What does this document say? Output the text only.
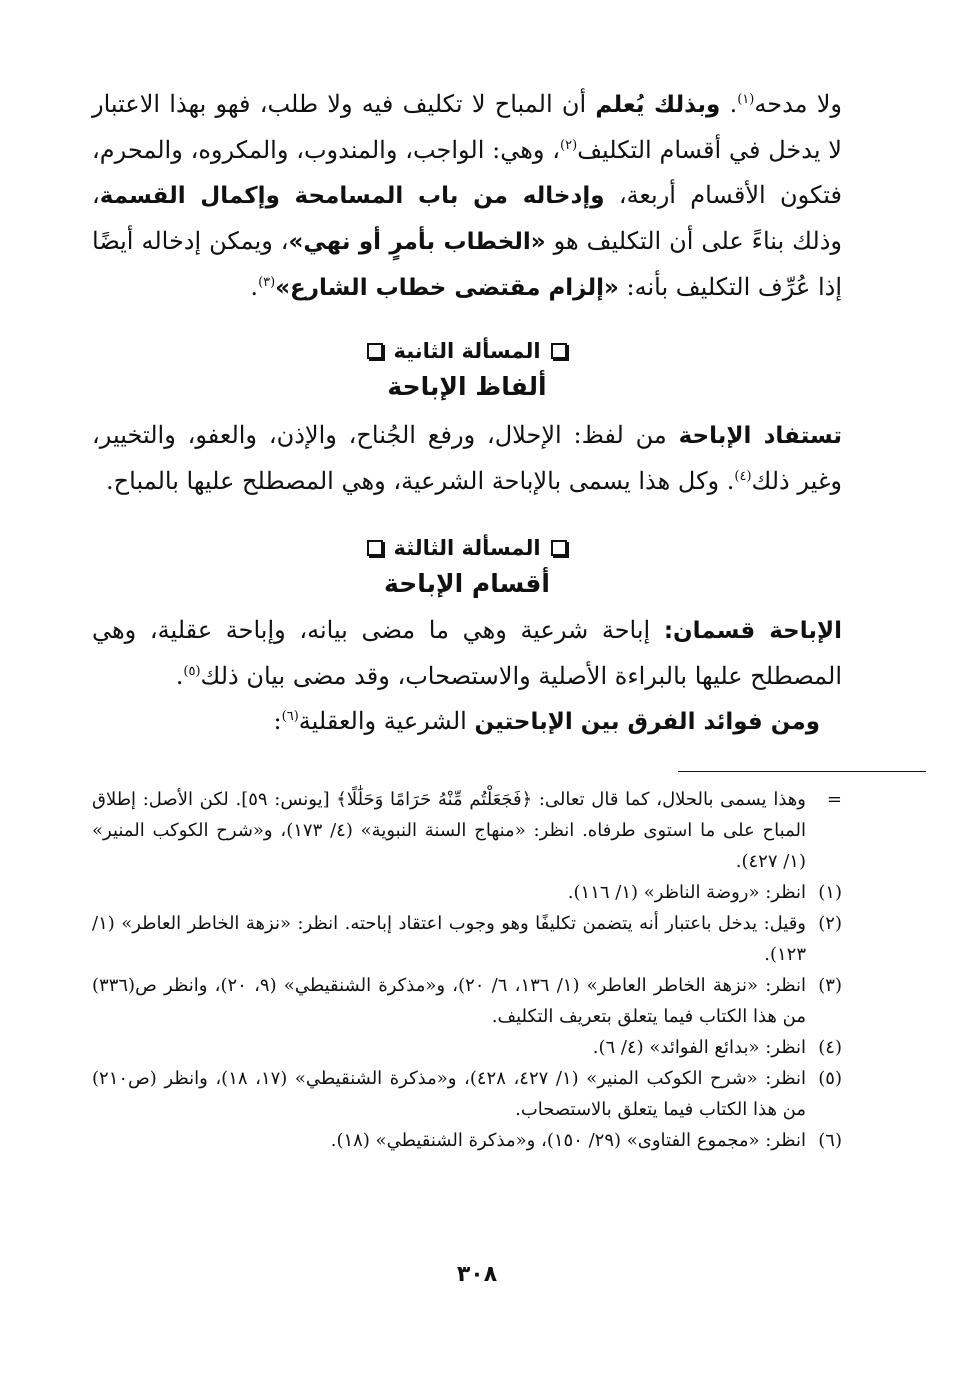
ولا مدحه$^{(١)}$. وبذلك يُعلم أن المباح لا تكليف فيه ولا طلب، فهو بهذا الاعتبار لا يدخل في أقسام التكليف$^{(٢)}$، وهي: الواجب، والمندوب، والمكروه، والمحرم، فتكون الأقسام أربعة، وإدخاله من باب المسامحة وإكمال القسمة، وذلك بناءً على أن التكليف هو «الخطاب بأمرٍ أو نهي»، ويمكن إدخاله أيضًا إذا عُرِّف التكليف بأنه: «إلزام مقتضى خطاب الشارع»$^{(٣)}$.

المسألة الثانية
ألفاظ الإباحة

تستفاد الإباحة من لفظ: الإحلال، ورفع الجُناح، والإذن، والعفو، والتخيير، وغير ذلك$^{(٤)}$. وكل هذا يسمى بالإباحة الشرعية، وهي المصطلح عليها بالمباح.

المسألة الثالثة
أقسام الإباحة

الإباحة قسمان: إباحة شرعية وهي ما مضى بيانه، وإباحة عقلية، وهي المصطلح عليها بالبراءة الأصلية والاستصحاب، وقد مضى بيان ذلك$^{(٥)}$.

ومن فوائد الفرق بين الإباحتين الشرعية والعقلية$^{(٦)}$:

=
وهذا يسمى بالحلال، كما قال تعالى: ﴿فَجَعَلْتُم مِّنْهُ حَرَامًا وَحَلَٰلًا﴾ [يونس: ٥٩]. لكن الأصل: إطلاق المباح على ما استوى طرفاه. انظر: «منهاج السنة النبوية» (٤/ ١٧٣)، و«شرح الكوكب المنير» (١/ ٤٢٧).
(١)
انظر: «روضة الناظر» (١/ ١١٦).
(٢)
وقيل: يدخل باعتبار أنه يتضمن تكليفًا وهو وجوب اعتقاد إباحته. انظر: «نزهة الخاطر العاطر» (١/ ١٢٣).
(٣)
انظر: «نزهة الخاطر العاطر» (١/ ١٣٦، ٦/ ٢٠)، و«مذكرة الشنقيطي» (٩، ٢٠)، وانظر ص(٣٣٦) من هذا الكتاب فيما يتعلق بتعريف التكليف.
(٤)
انظر: «بدائع الفوائد» (٤/ ٦).
(٥)
انظر: «شرح الكوكب المنير» (١/ ٤٢٧، ٤٢٨)، و«مذكرة الشنقيطي» (١٧، ١٨)، وانظر (ص٢١٠) من هذا الكتاب فيما يتعلق بالاستصحاب.
(٦)
انظر: «مجموع الفتاوى» (٢٩/ ١٥٠)، و«مذكرة الشنقيطي» (١٨).
٣٠٨
